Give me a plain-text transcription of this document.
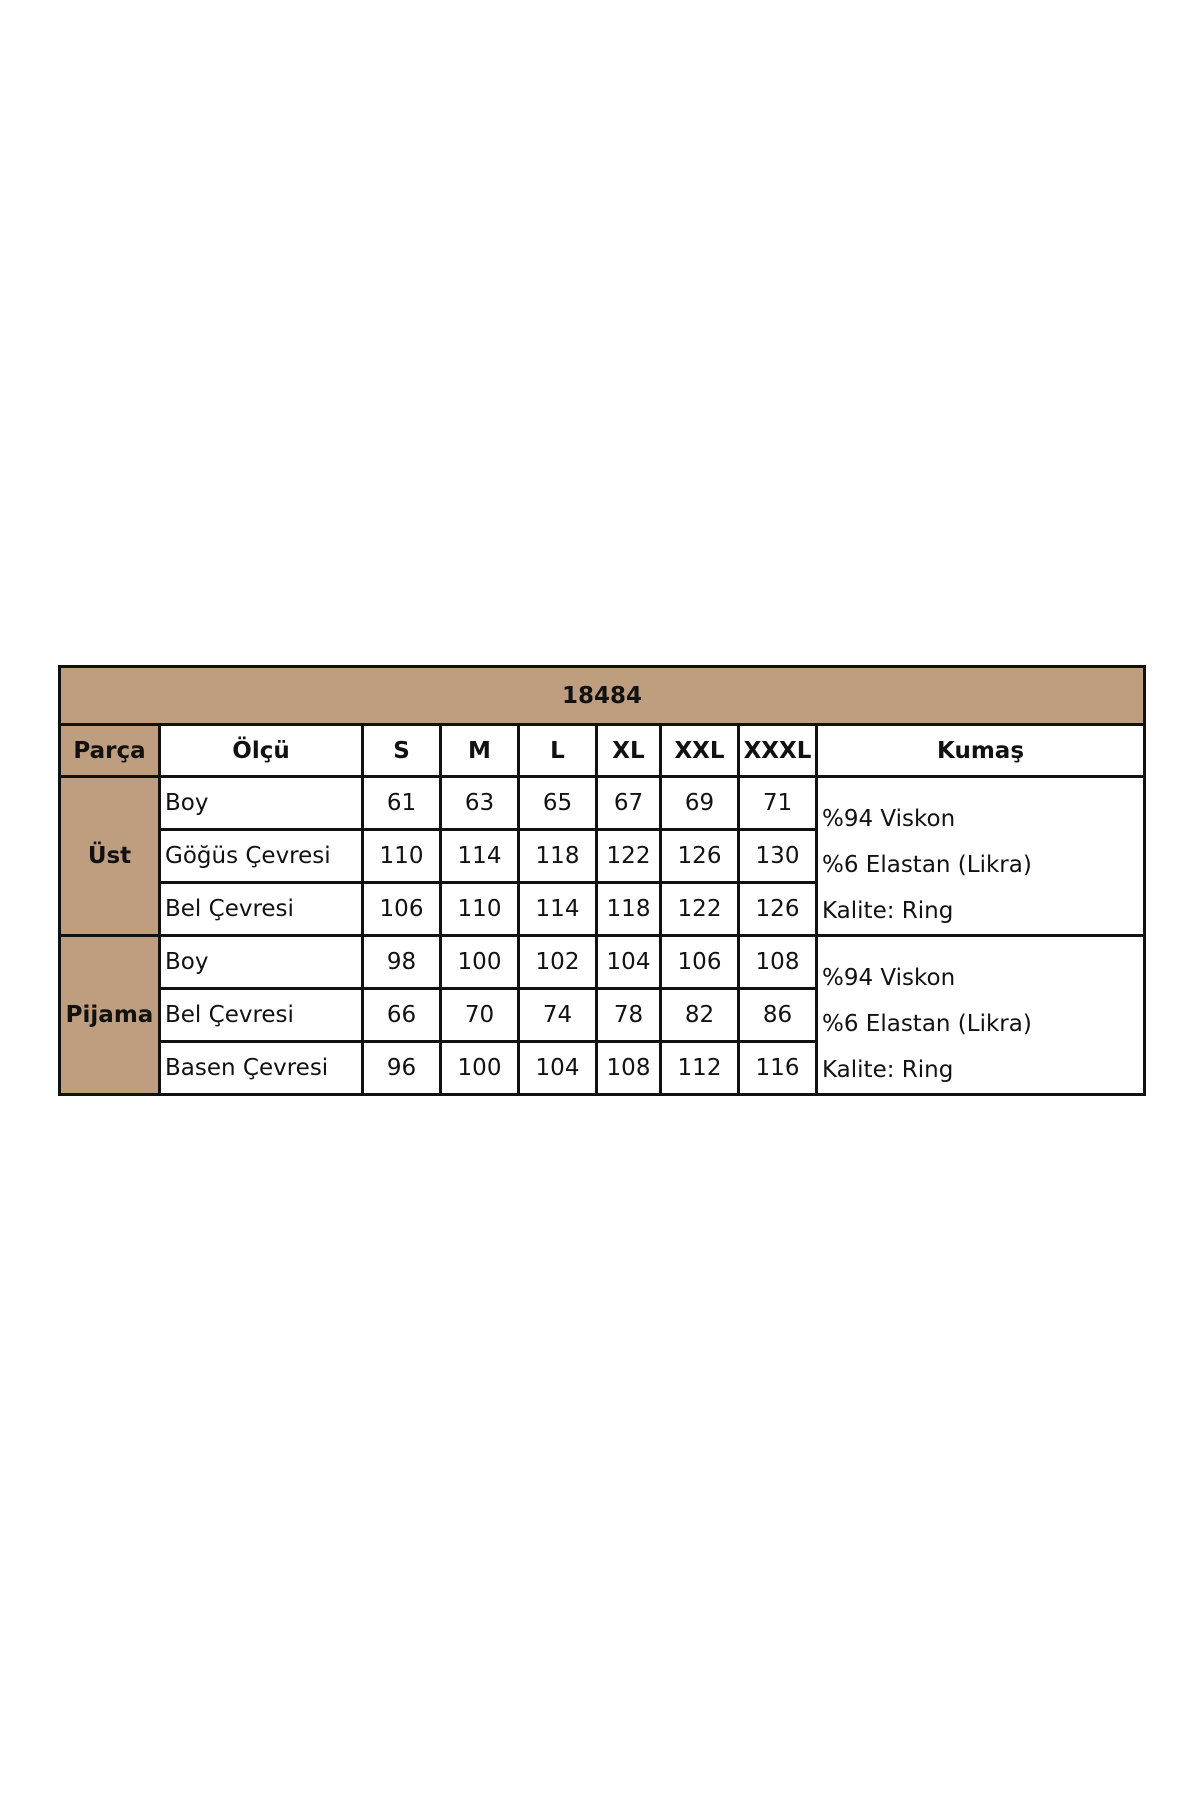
18484								
Parça	Ölçü	S	M	L	XL	XXL	XXXL	Kumaş
Üst	Boy	61	63	65	67	69	71	%94 Viskon
%6 Elastan (Likra)
Kalite: Ring

	Göğüs Çevresi	110	114	118	122	126	130	
	Bel Çevresi	106	110	114	118	122	126	
Pijama	Boy	98	100	102	104	106	108	%94 Viskon
%6 Elastan (Likra)
Kalite: Ring

	Bel Çevresi	66	70	74	78	82	86	
	Basen Çevresi	96	100	104	108	112	116	
